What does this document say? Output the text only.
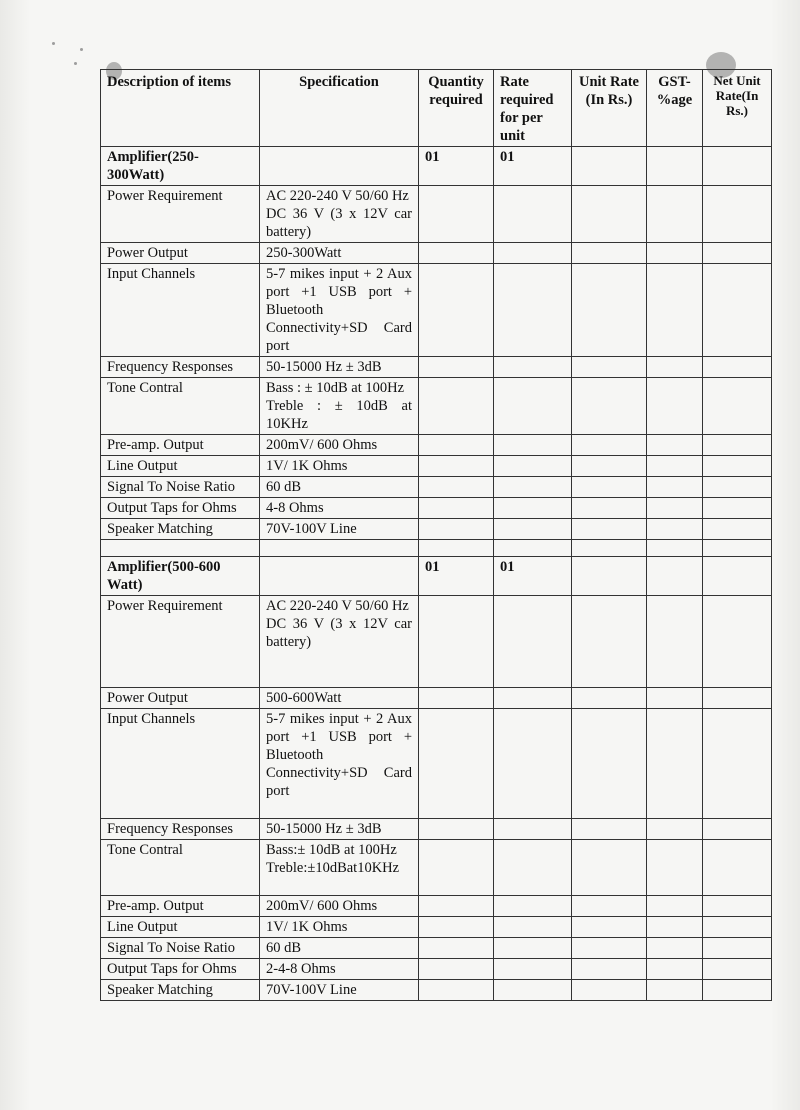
Description of items	Specification	Quantity required	Rate required for per unit	Unit Rate (In Rs.)	GST-%age	Net Unit Rate(In Rs.)
Amplifier(250-300Watt)		01	01			
Power Requirement	AC 220-240 V 50/60 Hz
DC 36 V (3 x 12V car battery)					

Power Output	250-300Watt					
Input Channels	5-7 mikes input + 2 Aux port +1 USB port + Bluetooth Connectivity+SD Card port					
Frequency Responses	50-15000 Hz ± 3dB					
Tone Contral	Bass : ± 10dB at 100Hz
Treble : ± 10dB at 10KHz					

Pre-amp. Output	200mV/ 600 Ohms					
Line Output	1V/ 1K Ohms					
Signal To Noise Ratio	60 dB					
Output Taps for Ohms	4-8 Ohms					
Speaker Matching	70V-100V Line					

Amplifier(500-600 Watt)		01	01			
Power Requirement	AC 220-240 V 50/60 Hz
DC 36 V (3 x 12V car battery)					

Power Output	500-600Watt					
Input Channels	5-7 mikes input + 2 Aux port +1 USB port + Bluetooth Connectivity+SD Card port					
Frequency Responses	50-15000 Hz ± 3dB					
Tone Contral	Bass:± 10dB at 100Hz
Treble:±10dBat10KHz					

Pre-amp. Output	200mV/ 600 Ohms					
Line Output	1V/ 1K Ohms					
Signal To Noise Ratio	60 dB					
Output Taps for Ohms	2-4-8 Ohms					
Speaker Matching	70V-100V Line					
